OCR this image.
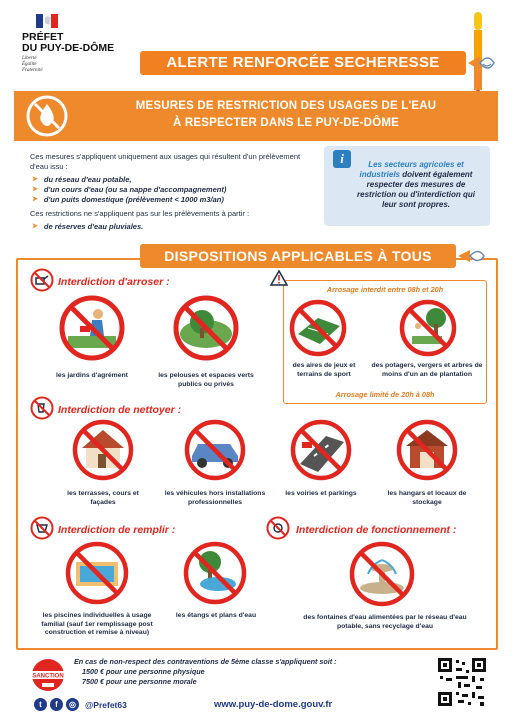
PRÉFET
DU PUY-DE-DÔME
Liberté
Égalité
Fraternité	ALERTE RENFORCÉE SECHERESSE
MESURES DE RESTRICTION DES USAGES DE L'EAU
À RESPECTER DANS LE PUY-DE-DÔME

Ces mesures s'appliquent uniquement aux usages qui résultent d'un prélèvement d'eau issu :

➤ du réseau d'eau potable,
➤ d'un cours d'eau (ou sa nappe d'accompagnement)
➤ d'un puits domestique (prélèvement < 1000 m3/an)

Ces restrictions ne s'appliquent pas sur les prélèvements à partir :

➤ de réserves d'eau pluviales.
i	Les secteurs agricoles et industriels doivent également respecter des mesures de restriction ou d'interdiction qui leur sont propres.
DISPOSITIONS APPLICABLES À TOUS
Interdiction d'arroser :
les jardins d'agrément	les pelouses et espaces verts publics ou privés
Arrosage interdit entre 08h et 20h
des aires de jeux et terrains de sport
des potagers, vergers et arbres de moins d'un an de plantation
Arrosage limité de 20h à 08h
Interdiction de nettoyer :
les terrasses, cours et façades
les véhicules hors installations professionnelles
les voiries et parkings	les hangars et locaux de stockage
Interdiction de remplir :
les piscines individuelles à usage familial (sauf 1er remplissage post construction et remise à niveau)
les étangs et plans d'eau
Interdiction de fonctionnement :
des fontaines d'eau alimentées par le réseau d'eau potable, sans recyclage d'eau
SANCTION
En cas de non-respect des contraventions de 5ème classe s'appliquent soit :
1500 € pour une personne physique
7500 € pour une personne morale
t	f	◎	@Prefet63	www.puy-de-dome.gouv.fr
